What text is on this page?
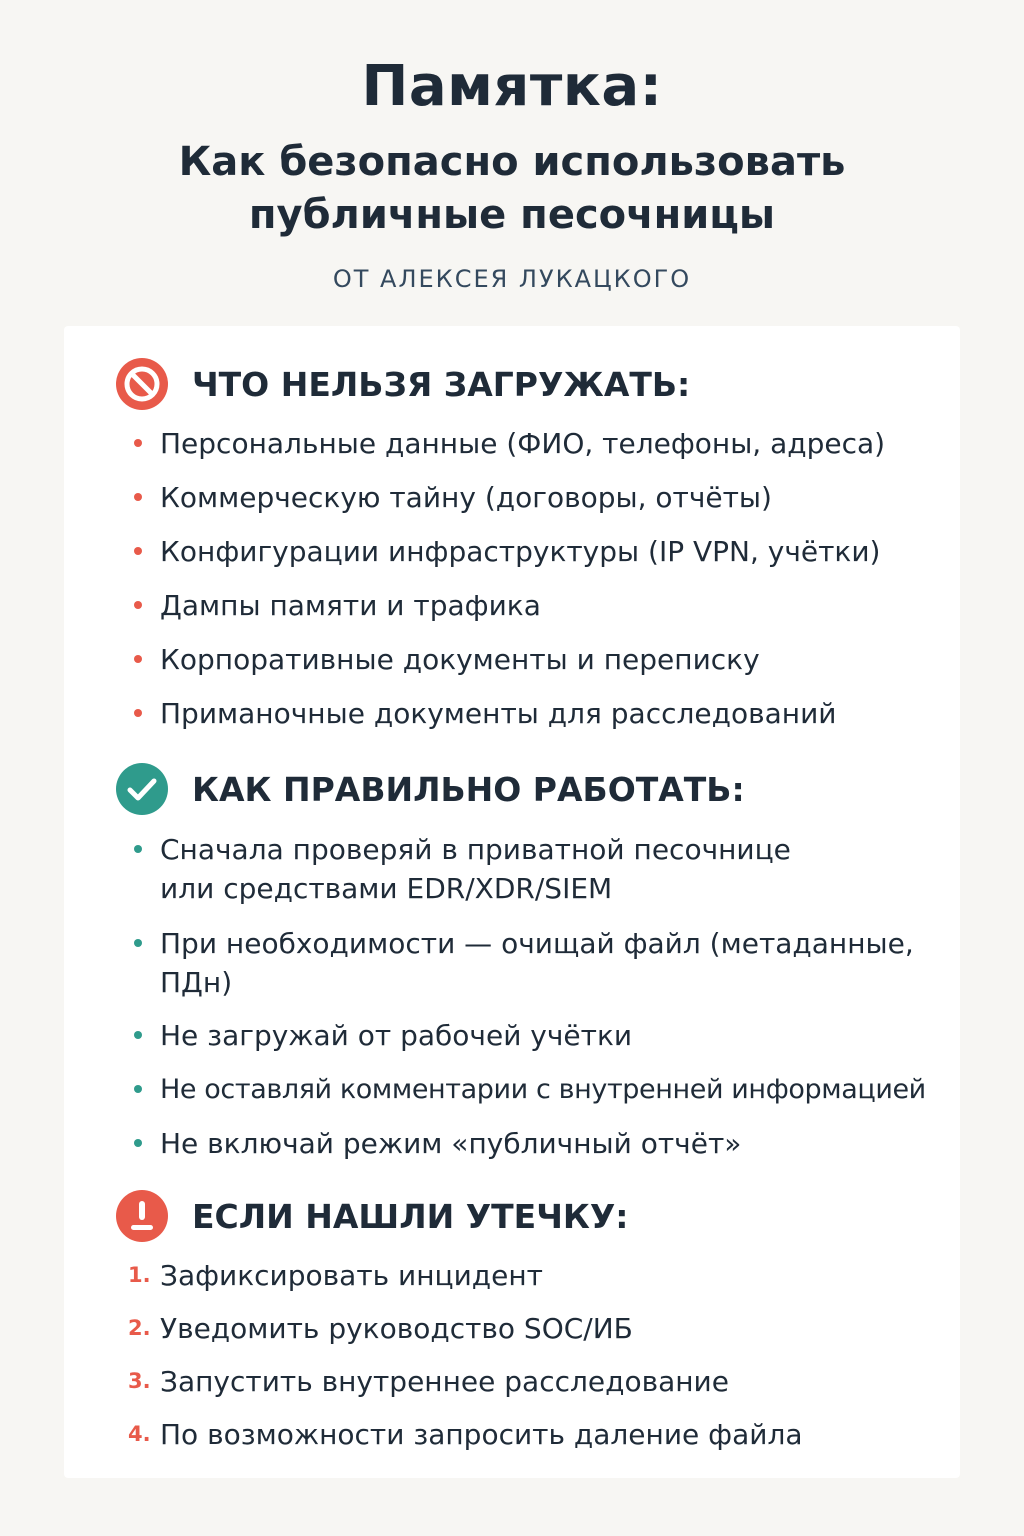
Памятка:
Как безопасно использовать
публичные песочницы
ОТ АЛЕКСЕЯ ЛУКАЦКОГО
ЧТО НЕЛЬЗЯ ЗАГРУЖАТЬ:
Персональные данные (ФИО, телефоны, адреса)
Коммерческую тайну (договоры, отчёты)
Конфигурации инфраструктуры (IP VPN, учётки)
Дампы памяти и трафика
Корпоративные документы и переписку
Приманочные документы для расследований
КАК ПРАВИЛЬНО РАБОТАТЬ:
Сначала проверяй в приватной песочнице
или средствами EDR/XDR/SIEM
При необходимости — очищай файл (метаданные,
ПДн)
Не загружай от рабочей учётки
Не оставляй комментарии с внутренней информацией
Не включай режим «публичный отчёт»
ЕСЛИ НАШЛИ УТЕЧКУ:
1. Зафиксировать инцидент
2. Уведомить руководство SOC/ИБ
3. Запустить внутреннее расследование
4. По возможности запросить даление файла
